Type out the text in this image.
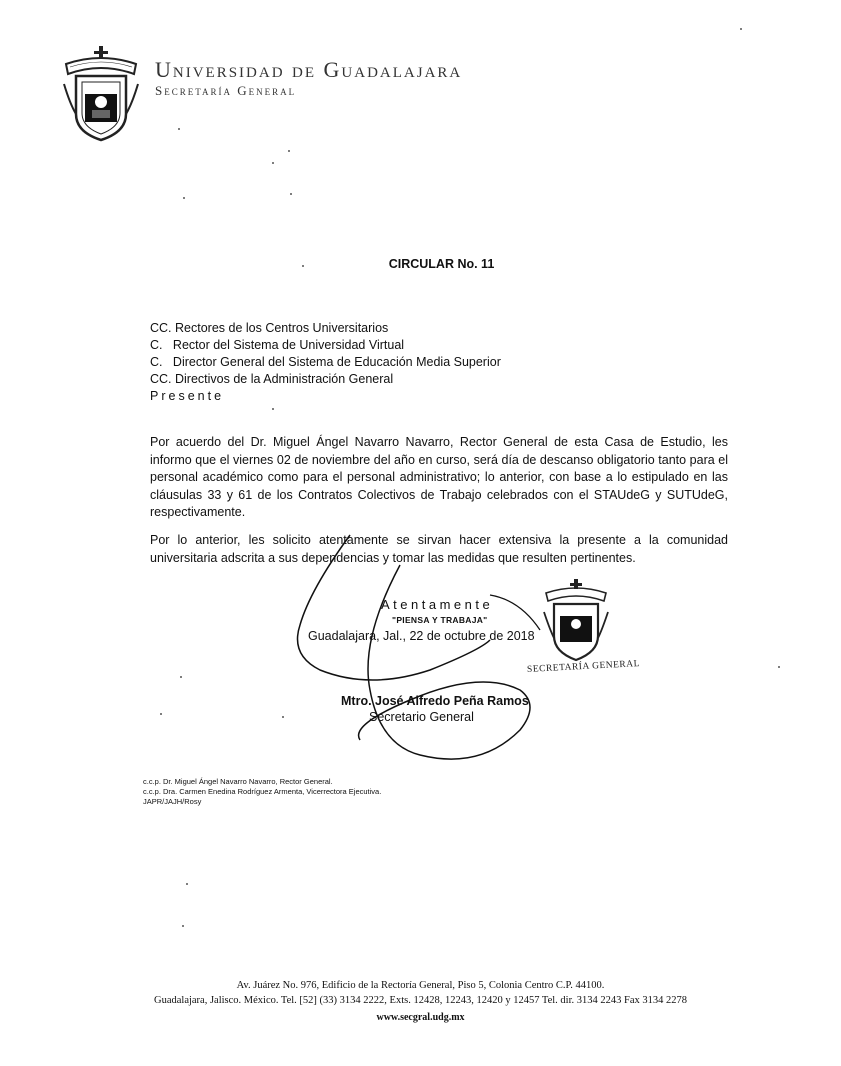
Universidad de Guadalajara
Secretaría General
CIRCULAR No. 11
CC. Rectores de los Centros Universitarios
C.   Rector del Sistema de Universidad Virtual
C.   Director General del Sistema de Educación Media Superior
CC. Directivos de la Administración General
Presente
Por acuerdo del Dr. Miguel Ángel Navarro Navarro, Rector General de esta Casa de Estudio, les informo que el viernes 02 de noviembre del año en curso, será día de descanso obligatorio tanto para el personal académico como para el personal administrativo; lo anterior, con base a lo estipulado en las cláusulas 33 y 61 de los Contratos Colectivos de Trabajo celebrados con el STAUdeG y SUTUdeG, respectivamente.
Por lo anterior, les solicito atentamente se sirvan hacer extensiva la presente a la comunidad universitaria adscrita a sus dependencias y tomar las medidas que resulten pertinentes.
Atentamente
"PIENSA Y TRABAJA"
Guadalajara, Jal., 22 de octubre de 2018
SECRETARÍA GENERAL
Mtro. José Alfredo Peña Ramos
Secretario General
c.c.p. Dr. Miguel Ángel Navarro Navarro, Rector General.
c.c.p. Dra. Carmen Enedina Rodríguez Armenta, Vicerrectora Ejecutiva.
JAPR/JAJH/Rosy
Av. Juárez No. 976, Edificio de la Rectoría General, Piso 5, Colonia Centro C.P. 44100.
Guadalajara, Jalisco. México. Tel. [52] (33) 3134 2222, Exts. 12428, 12243, 12420 y 12457 Tel. dir. 3134 2243 Fax 3134 2278
www.secgral.udg.mx
